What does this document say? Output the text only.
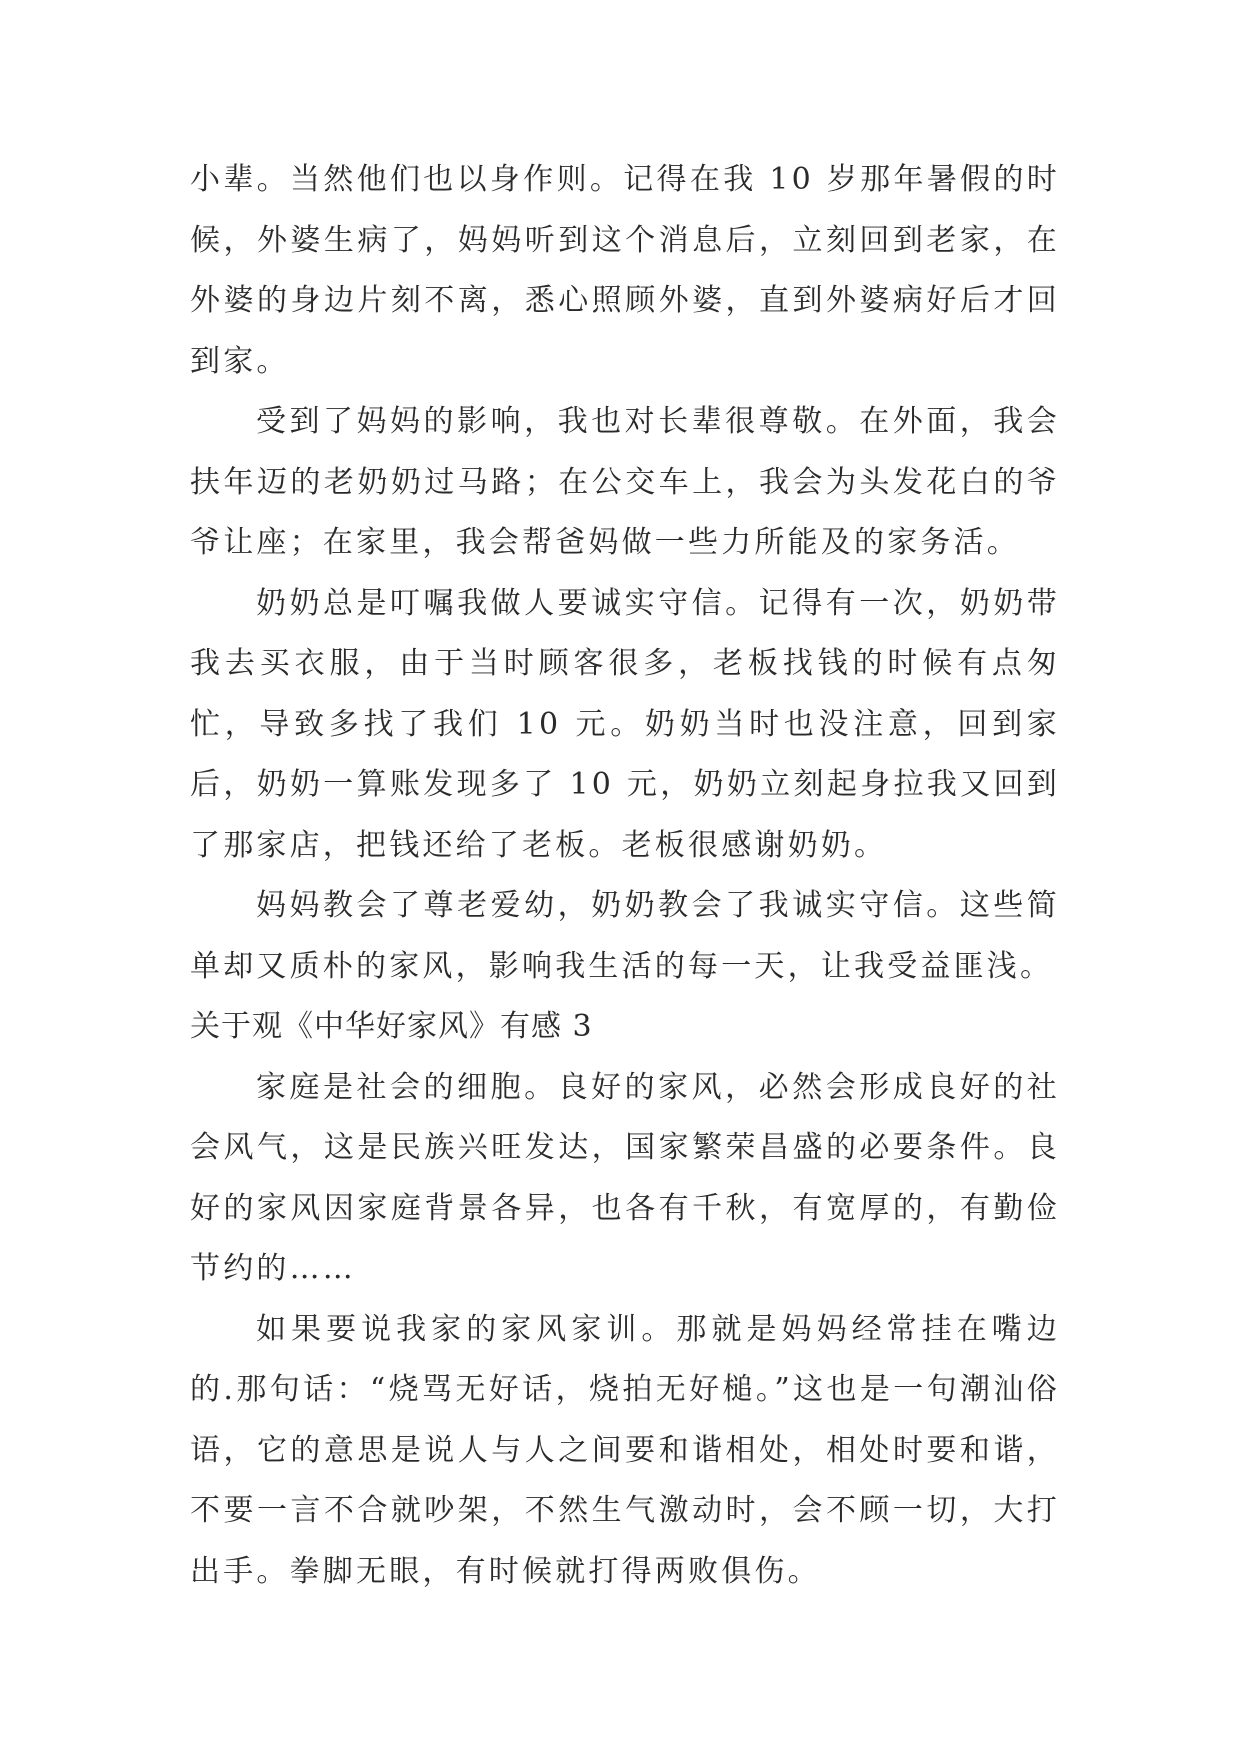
小辈。当然他们也以身作则。记得在我 10 岁那年暑假的时候，外婆生病了，妈妈听到这个消息后，立刻回到老家，在外婆的身边片刻不离，悉心照顾外婆，直到外婆病好后才回到家。

受到了妈妈的影响，我也对长辈很尊敬。在外面，我会扶年迈的老奶奶过马路；在公交车上，我会为头发花白的爷爷让座；在家里，我会帮爸妈做一些力所能及的家务活。

奶奶总是叮嘱我做人要诚实守信。记得有一次，奶奶带我去买衣服，由于当时顾客很多，老板找钱的时候有点匆忙，导致多找了我们 10 元。奶奶当时也没注意，回到家后，奶奶一算账发现多了 10 元，奶奶立刻起身拉我又回到了那家店，把钱还给了老板。老板很感谢奶奶。

妈妈教会了尊老爱幼，奶奶教会了我诚实守信。这些简单却又质朴的家风，影响我生活的每一天，让我受益匪浅。

关于观《中华好家风》有感 3

家庭是社会的细胞。良好的家风，必然会形成良好的社会风气，这是民族兴旺发达，国家繁荣昌盛的必要条件。良好的家风因家庭背景各异，也各有千秋，有宽厚的，有勤俭节约的……

如果要说我家的家风家训。那就是妈妈经常挂在嘴边的.那句话：“烧骂无好话，烧拍无好槌。”这也是一句潮汕俗语，它的意思是说人与人之间要和谐相处，相处时要和谐，不要一言不合就吵架，不然生气激动时，会不顾一切，大打出手。拳脚无眼，有时候就打得两败俱伤。
